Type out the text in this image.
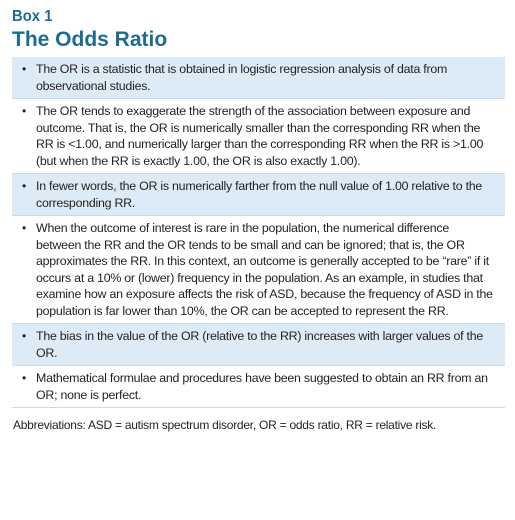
Box 1
The Odds Ratio
• The OR is a statistic that is obtained in logistic regression analysis of data from observational studies.
• The OR tends to exaggerate the strength of the association between exposure and outcome. That is, the OR is numerically smaller than the corresponding RR when the RR is <1.00, and numerically larger than the corresponding RR when the RR is >1.00 (but when the RR is exactly 1.00, the OR is also exactly 1.00).
• In fewer words, the OR is numerically farther from the null value of 1.00 relative to the corresponding RR.
• When the outcome of interest is rare in the population, the numerical difference between the RR and the OR tends to be small and can be ignored; that is, the OR approximates the RR. In this context, an outcome is generally accepted to be “rare” if it occurs at a 10% or (lower) frequency in the population. As an example, in studies that examine how an exposure affects the risk of ASD, because the frequency of ASD in the population is far lower than 10%, the OR can be accepted to represent the RR.
• The bias in the value of the OR (relative to the RR) increases with larger values of the OR.
• Mathematical formulae and procedures have been suggested to obtain an RR from an OR; none is perfect.
Abbreviations: ASD = autism spectrum disorder, OR = odds ratio, RR = relative risk.
